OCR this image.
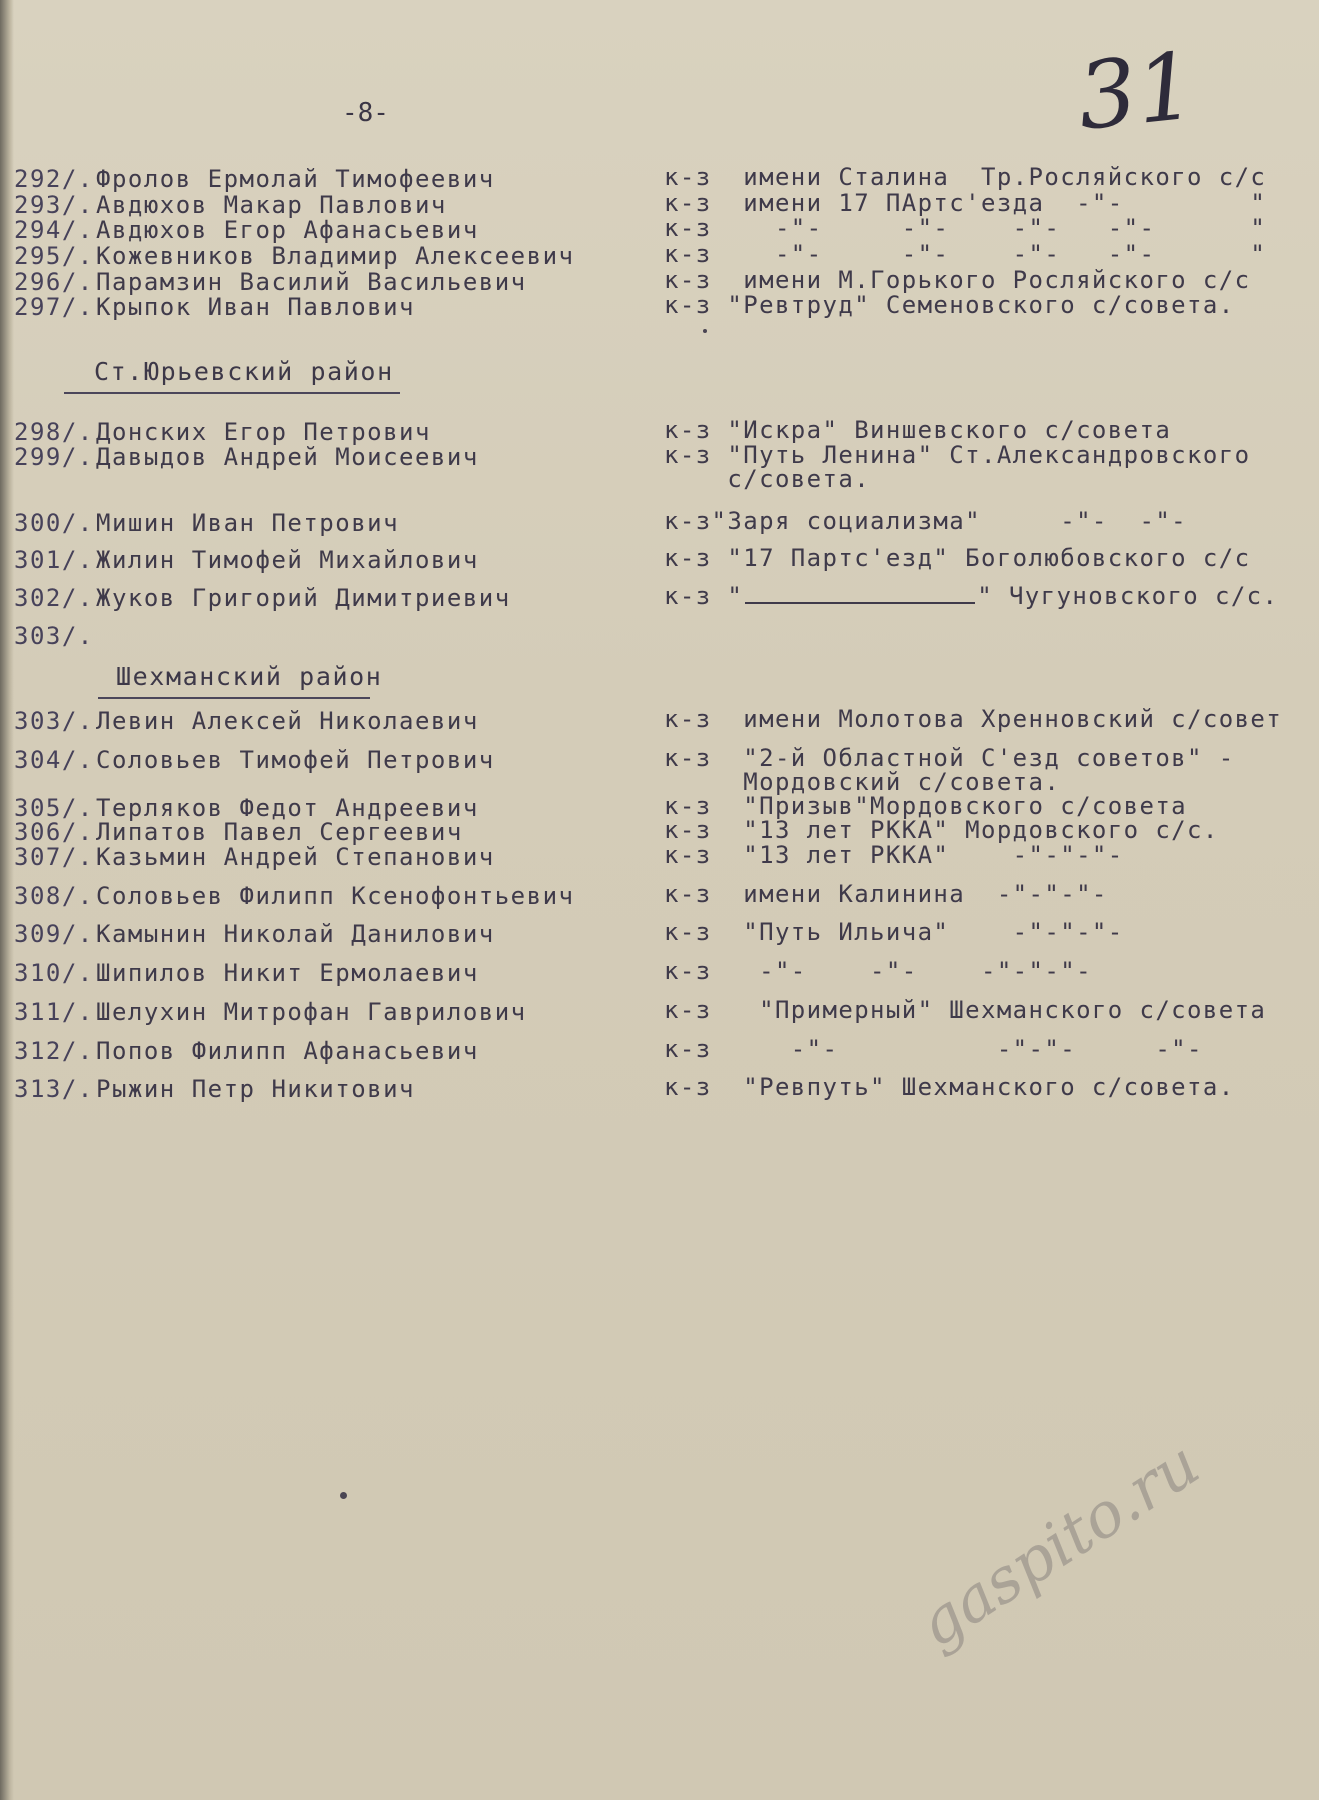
-8-	31
292/. Фролов Ермолай Тимофеевич	к-з  имени Сталина  Тр.Росляйского с/с
293/. Авдюхов Макар Павлович	к-з  имени 17 ПАртс'езда  -"-        "
294/. Авдюхов Егор Афанасьевич	к-з    -"-     -"-    -"-   -"-      "
295/. Кожевников Владимир Алексеевич	к-з    -"-     -"-    -"-   -"-      "
296/. Парамзин Василий Васильевич	к-з  имени М.Горького Росляйского с/с
297/. Крыпок Иван Павлович	к-з "Ревтруд" Семеновского с/совета.
Ст.Юрьевский район
298/. Донских Егор Петрович	к-з "Искра" Виншевского с/совета
299/. Давыдов Андрей Моисеевич	к-з "Путь Ленина" Ст.Александровского
с/совета.
300/. Мишин Иван Петрович	к-з"Заря социализма"     -"-  -"-
301/. Жилин Тимофей Михайлович	к-з "17 Партс'езд" Боголюбовского с/с
302/. Жуков Григорий Димитриевич	к-з "	" Чугуновского с/с.
303/.
Шехманский район
303/. Левин Алексей Николаевич	к-з  имени Молотова Хренновский с/совет
304/. Соловьев Тимофей Петрович	к-з  "2-й Областной С'езд советов" -
Мордовский с/совета.
305/. Терляков Федот Андреевич	к-з  "Призыв"Мордовского с/совета
306/. Липатов Павел Сергеевич	к-з  "13 лет РККА" Мордовского с/с.
307/. Казьмин Андрей Степанович	к-з  "13 лет РККА"    -"-"-"-
308/. Соловьев Филипп Ксенофонтьевич	к-з  имени Калинина  -"-"-"-
309/. Камынин Николай Данилович	к-з  "Путь Ильича"    -"-"-"-
310/. Шипилов Никит Ермолаевич	к-з   -"-    -"-    -"-"-"-
311/. Шелухин Митрофан Гаврилович	к-з   "Примерный" Шехманского с/совета
312/. Попов Филипп Афанасьевич	к-з     -"-          -"-"-     -"-
313/. Рыжин Петр Никитович	к-з  "Ревпуть" Шехманского с/совета.
gaspito.ru
